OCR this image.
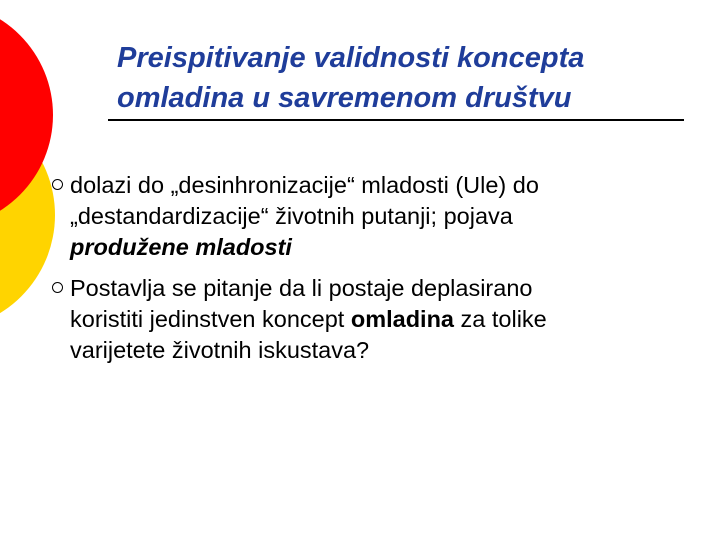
Preispitivanje validnosti koncepta
omladina u savremenom društvu
dolazi do „desinhronizacije“ mladosti (Ule) do
„destandardizacije“ životnih putanji; pojava
produžene mladosti
Postavlja se pitanje da li postaje deplasirano
koristiti jedinstven koncept omladina za tolike
varijetete životnih iskustava?
